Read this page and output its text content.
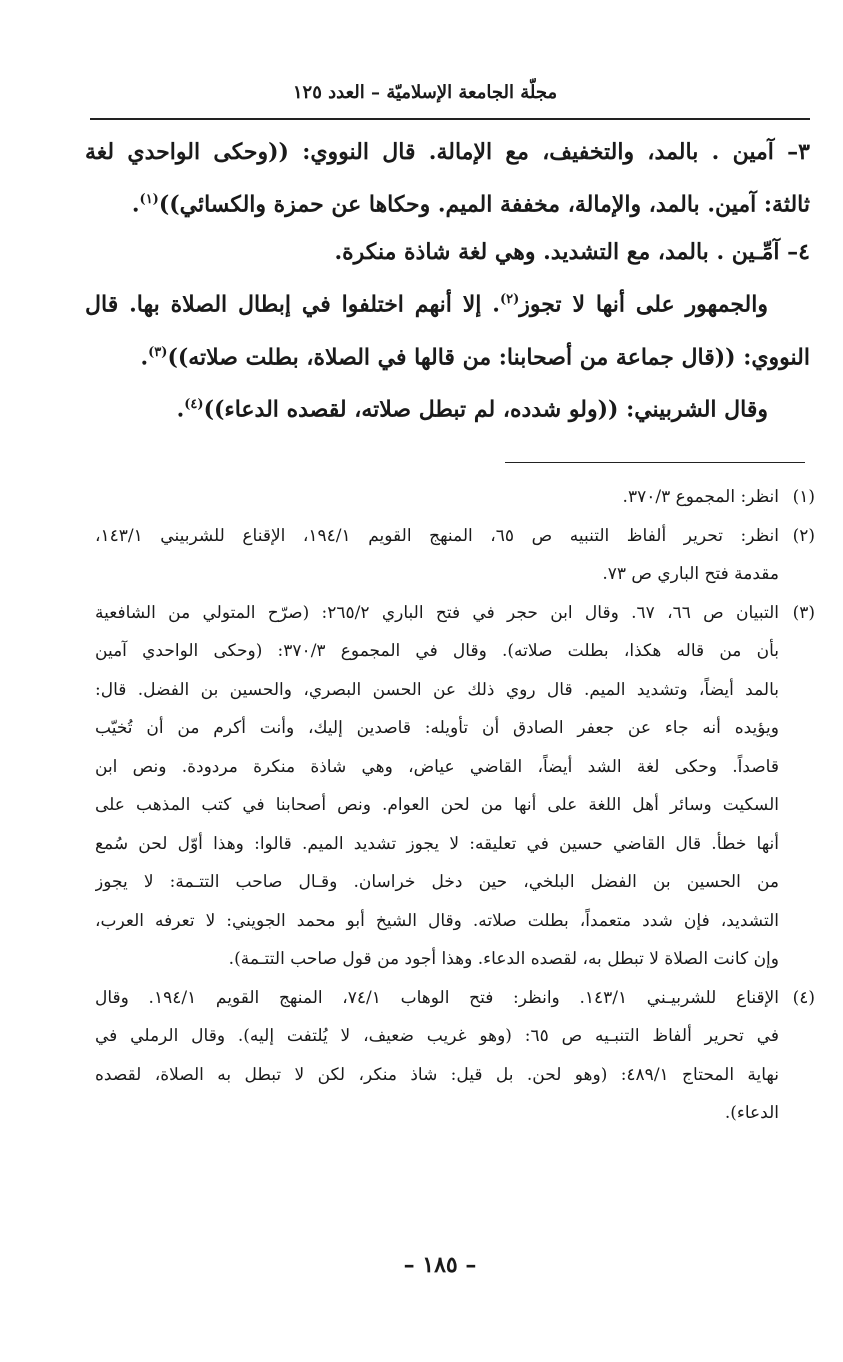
مجلّة الجامعة الإسلاميّة – العدد ١٢٥
٣– آمين . بالمد، والتخفيف، مع الإمالة. قال النووي: ((وحكى الواحدي لغة
ثالثة: آمين. بالمد، والإمالة، مخففة الميم. وحكاها عن حمزة والكسائي))$^{(١)}$.
٤– آمِّـين . بالمد، مع التشديد. وهي لغة شاذة منكرة.
والجمهور على أنها لا تجوز$^{(٢)}$. إلا أنهم اختلفوا في إبطال الصلاة بها. قال
النووي: ((قال جماعة من أصحابنا: من قالها في الصلاة، بطلت صلاته))$^{(٣)}$.
وقال الشربيني: ((ولو شدده، لم تبطل صلاته، لقصده الدعاء))$^{(٤)}$.
(١)
انظر: المجموع ٣٧٠/٣.
(٢)
انظر: تحرير ألفاظ التنبيه ص ٦٥، المنهج القويم ١٩٤/١، الإقناع للشربيني ١٤٣/١،
مقدمة فتح الباري ص ٧٣.
(٣)
التبيان ص ٦٦، ٦٧. وقال ابن حجر في فتح الباري ٢٦٥/٢: (صرّح المتولي من الشافعية
بأن من قاله هكذا، بطلت صلاته). وقال في المجموع ٣٧٠/٣: (وحكى الواحدي آمين
بالمد أيضاً، وتشديد الميم. قال روي ذلك عن الحسن البصري، والحسين بن الفضل. قال:
ويؤيده أنه جاء عن جعفر الصادق أن تأويله: قاصدين إليك، وأنت أكرم من أن تُخيّب
قاصداً. وحكى لغة الشد أيضاً، القاضي عياض، وهي شاذة منكرة مردودة. ونص ابن
السكيت وسائر أهل اللغة على أنها من لحن العوام. ونص أصحابنا في كتب المذهب على
أنها خطأ. قال القاضي حسين في تعليقه: لا يجوز تشديد الميم. قالوا: وهذا أوّل لحن سُمع
من الحسين بن الفضل البلخي، حين دخل خراسان. وقـال صاحب التتـمة: لا يجوز
التشديد، فإن شدد متعمداً، بطلت صلاته. وقال الشيخ أبو محمد الجويني: لا تعرفه العرب،
وإن كانت الصلاة لا تبطل به، لقصده الدعاء. وهذا أجود من قول صاحب التتـمة).
(٤)
الإقناع للشربيـني ١٤٣/١. وانظر: فتح الوهاب ٧٤/١، المنهج القويم ١٩٤/١. وقال
في تحرير ألفاظ التنبـيه ص ٦٥: (وهو غريب ضعيف، لا يُلتفت إليه). وقال الرملي في
نهاية المحتاج ٤٨٩/١: (وهو لحن. بل قيل: شاذ منكر، لكن لا تبطل به الصلاة، لقصده
الدعاء).
– ١٨٥ –
